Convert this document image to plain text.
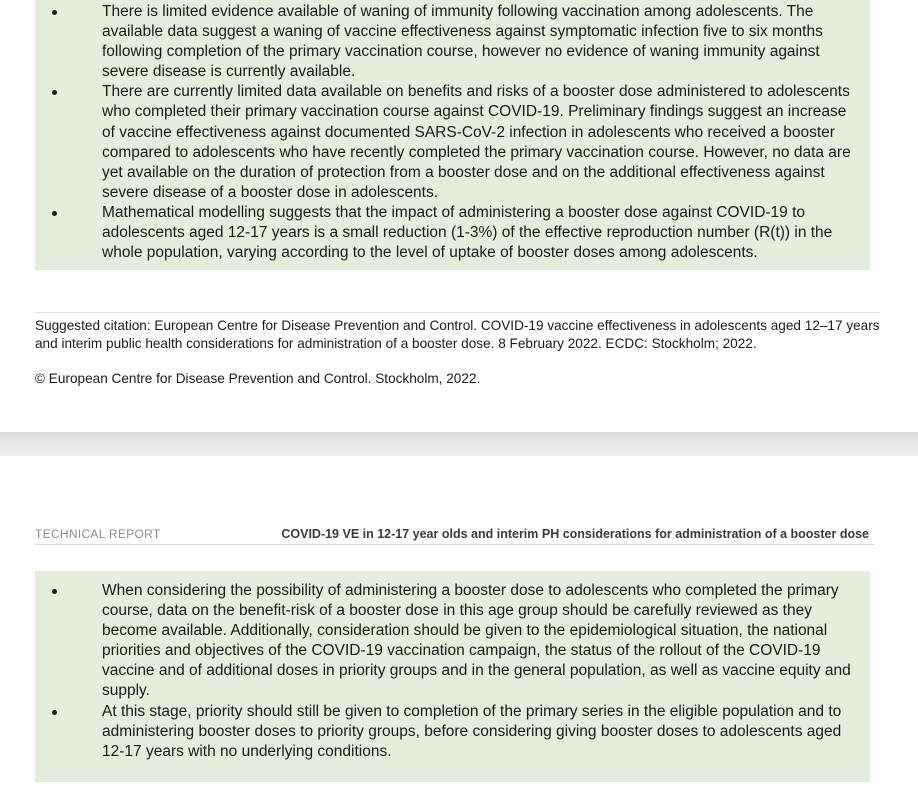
There is limited evidence available of waning of immunity following vaccination among adolescents. The available data suggest a waning of vaccine effectiveness against symptomatic infection five to six months following completion of the primary vaccination course, however no evidence of waning immunity against severe disease is currently available.
There are currently limited data available on benefits and risks of a booster dose administered to adolescents who completed their primary vaccination course against COVID-19. Preliminary findings suggest an increase of vaccine effectiveness against documented SARS-CoV-2 infection in adolescents who received a booster compared to adolescents who have recently completed the primary vaccination course. However, no data are yet available on the duration of protection from a booster dose and on the additional effectiveness against severe disease of a booster dose in adolescents.
Mathematical modelling suggests that the impact of administering a booster dose against COVID-19 to adolescents aged 12-17 years is a small reduction (1-3%) of the effective reproduction number (R(t)) in the whole population, varying according to the level of uptake of booster doses among adolescents.
Suggested citation: European Centre for Disease Prevention and Control. COVID-19 vaccine effectiveness in adolescents aged 12–17 years and interim public health considerations for administration of a booster dose. 8 February 2022. ECDC: Stockholm; 2022.
© European Centre for Disease Prevention and Control. Stockholm, 2022.
TECHNICAL REPORT	COVID-19 VE in 12-17 year olds and interim PH considerations for administration of a booster dose
When considering the possibility of administering a booster dose to adolescents who completed the primary course, data on the benefit-risk of a booster dose in this age group should be carefully reviewed as they become available. Additionally, consideration should be given to the epidemiological situation, the national priorities and objectives of the COVID-19 vaccination campaign, the status of the rollout of the COVID-19 vaccine and of additional doses in priority groups and in the general population, as well as vaccine equity and supply.
At this stage, priority should still be given to completion of the primary series in the eligible population and to administering booster doses to priority groups, before considering giving booster doses to adolescents aged 12-17 years with no underlying conditions.
